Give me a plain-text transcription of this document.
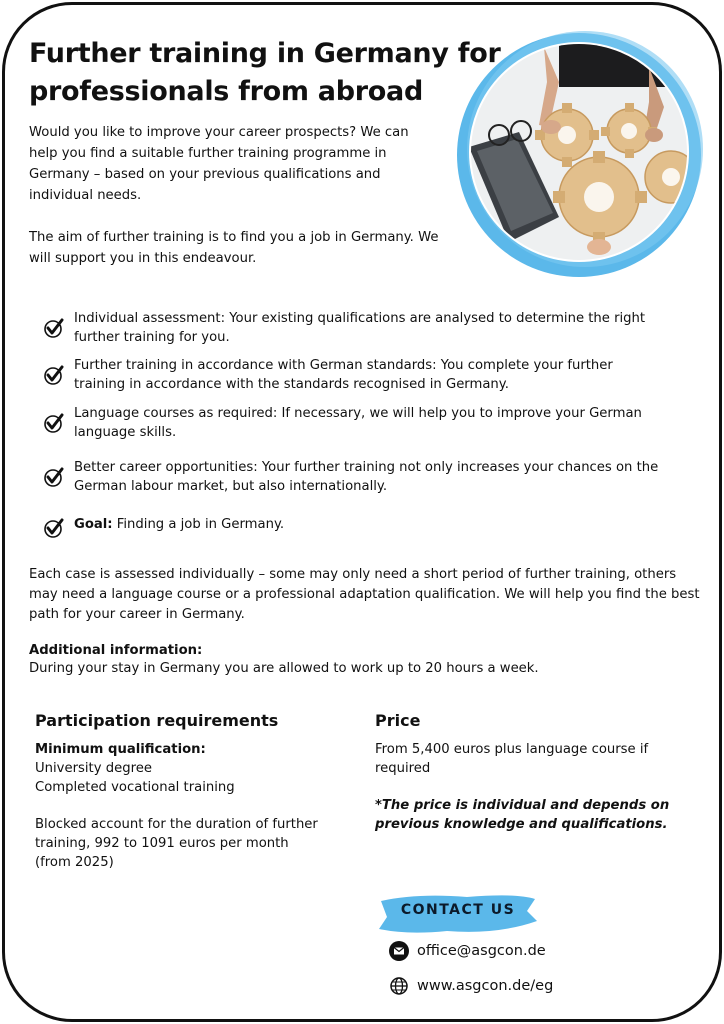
Further training in Germany for professionals from abroad

Would you like to improve your career prospects? We can help you find a suitable further training programme in Germany – based on your previous qualifications and individual needs.

The aim of further training is to find you a job in Germany. We will support you in this endeavour.

Individual assessment: Your existing qualifications are analysed to determine the right further training for you.
Further training in accordance with German standards: You complete your further training in accordance with the standards recognised in Germany.
Language courses as required: If necessary, we will help you to improve your German language skills.
Better career opportunities: Your further training not only increases your chances on the German labour market, but also internationally.
Goal: Finding a job in Germany.

Each case is assessed individually – some may only need a short period of further training, others may need a language course or a professional adaptation qualification. We will help you find the best path for your career in Germany.

Additional information:
During your stay in Germany you are allowed to work up to 20 hours a week.
Participation requirements
Minimum qualification:
University degree
Completed vocational training
Blocked account for the duration of further
training, 992 to 1091 euros per month
(from 2025)
Price
From 5,400 euros plus language course if
required
*The price is individual and depends on previous knowledge and qualifications.
CONTACT US
office@asgcon.de
www.asgcon.de/eg
